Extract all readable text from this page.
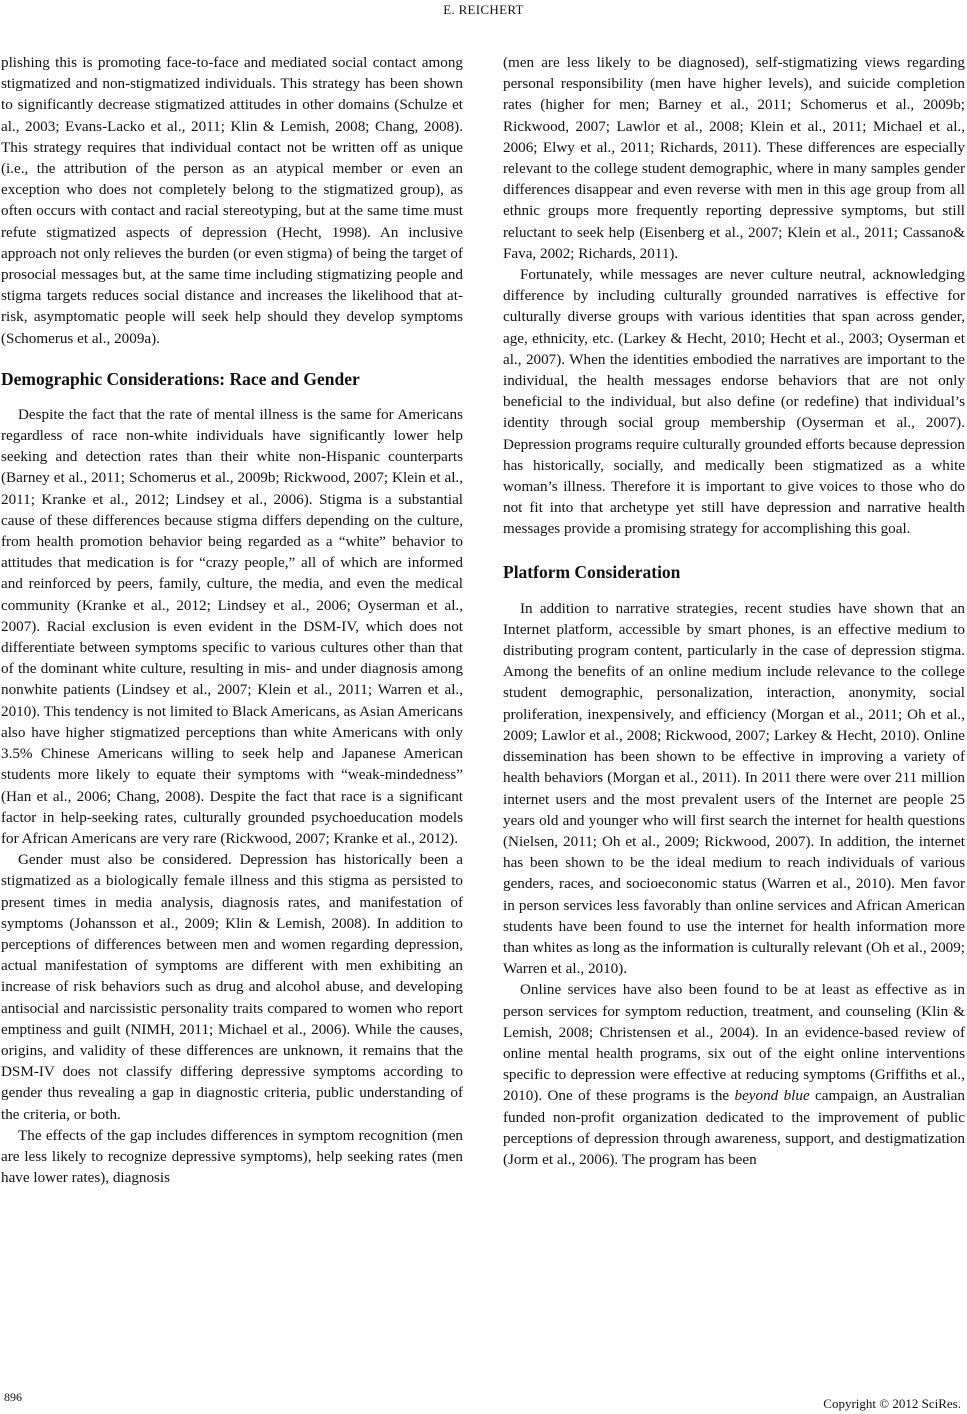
E. REICHERT

plishing this is promoting face-to-face and mediated social contact among stigmatized and non-stigmatized individuals. This strategy has been shown to significantly decrease stigmatized attitudes in other domains (Schulze et al., 2003; Evans-Lacko et al., 2011; Klin & Lemish, 2008; Chang, 2008). This strategy requires that individual contact not be written off as unique (i.e., the attribution of the person as an atypical member or even an exception who does not completely belong to the stigmatized group), as often occurs with contact and racial stereotyping, but at the same time must refute stigmatized aspects of depression (Hecht, 1998). An inclusive approach not only relieves the burden (or even stigma) of being the target of prosocial messages but, at the same time including stigmatizing people and stigma targets reduces social distance and increases the likelihood that at-risk, asymptomatic people will seek help should they develop symptoms (Schomerus et al., 2009a).

Demographic Considerations: Race and Gender

Despite the fact that the rate of mental illness is the same for Americans regardless of race non-white individuals have significantly lower help seeking and detection rates than their white non-Hispanic counterparts (Barney et al., 2011; Schomerus et al., 2009b; Rickwood, 2007; Klein et al., 2011; Kranke et al., 2012; Lindsey et al., 2006). Stigma is a substantial cause of these differences because stigma differs depending on the culture, from health promotion behavior being regarded as a “white” behavior to attitudes that medication is for “crazy people,” all of which are informed and reinforced by peers, family, culture, the media, and even the medical community (Kranke et al., 2012; Lindsey et al., 2006; Oyserman et al., 2007). Racial exclusion is even evident in the DSM-IV, which does not differentiate between symptoms specific to various cultures other than that of the dominant white culture, resulting in mis- and under diagnosis among nonwhite patients (Lindsey et al., 2007; Klein et al., 2011; Warren et al., 2010). This tendency is not limited to Black Americans, as Asian Americans also have higher stigmatized perceptions than white Americans with only 3.5% Chinese Americans willing to seek help and Japanese American students more likely to equate their symptoms with “weak-mindedness” (Han et al., 2006; Chang, 2008). Despite the fact that race is a significant factor in help-seeking rates, culturally grounded psychoeducation models for African Americans are very rare (Rickwood, 2007; Kranke et al., 2012).

Gender must also be considered. Depression has historically been a stigmatized as a biologically female illness and this stigma as persisted to present times in media analysis, diagnosis rates, and manifestation of symptoms (Johansson et al., 2009; Klin & Lemish, 2008). In addition to perceptions of differences between men and women regarding depression, actual manifestation of symptoms are different with men exhibiting an increase of risk behaviors such as drug and alcohol abuse, and developing antisocial and narcissistic personality traits compared to women who report emptiness and guilt (NIMH, 2011; Michael et al., 2006). While the causes, origins, and validity of these differences are unknown, it remains that the DSM-IV does not classify differing depressive symptoms according to gender thus revealing a gap in diagnostic criteria, public understanding of the criteria, or both.

The effects of the gap includes differences in symptom recognition (men are less likely to recognize depressive symptoms), help seeking rates (men have lower rates), diagnosis

(men are less likely to be diagnosed), self-stigmatizing views regarding personal responsibility (men have higher levels), and suicide completion rates (higher for men; Barney et al., 2011; Schomerus et al., 2009b; Rickwood, 2007; Lawlor et al., 2008; Klein et al., 2011; Michael et al., 2006; Elwy et al., 2011; Richards, 2011). These differences are especially relevant to the college student demographic, where in many samples gender differences disappear and even reverse with men in this age group from all ethnic groups more frequently reporting depressive symptoms, but still reluctant to seek help (Eisenberg et al., 2007; Klein et al., 2011; Cassano& Fava, 2002; Richards, 2011).

Fortunately, while messages are never culture neutral, acknowledging difference by including culturally grounded narratives is effective for culturally diverse groups with various identities that span across gender, age, ethnicity, etc. (Larkey & Hecht, 2010; Hecht et al., 2003; Oyserman et al., 2007). When the identities embodied the narratives are important to the individual, the health messages endorse behaviors that are not only beneficial to the individual, but also define (or redefine) that individual’s identity through social group membership (Oyserman et al., 2007). Depression programs require culturally grounded efforts because depression has historically, socially, and medically been stigmatized as a white woman’s illness. Therefore it is important to give voices to those who do not fit into that archetype yet still have depression and narrative health messages provide a promising strategy for accomplishing this goal.

Platform Consideration

In addition to narrative strategies, recent studies have shown that an Internet platform, accessible by smart phones, is an effective medium to distributing program content, particularly in the case of depression stigma. Among the benefits of an online medium include relevance to the college student demographic, personalization, interaction, anonymity, social proliferation, inexpensively, and efficiency (Morgan et al., 2011; Oh et al., 2009; Lawlor et al., 2008; Rickwood, 2007; Larkey & Hecht, 2010). Online dissemination has been shown to be effective in improving a variety of health behaviors (Morgan et al., 2011). In 2011 there were over 211 million internet users and the most prevalent users of the Internet are people 25 years old and younger who will first search the internet for health questions (Nielsen, 2011; Oh et al., 2009; Rickwood, 2007). In addition, the internet has been shown to be the ideal medium to reach individuals of various genders, races, and socioeconomic status (Warren et al., 2010). Men favor in person services less favorably than online services and African American students have been found to use the internet for health information more than whites as long as the information is culturally relevant (Oh et al., 2009; Warren et al., 2010).

Online services have also been found to be at least as effective as in person services for symptom reduction, treatment, and counseling (Klin & Lemish, 2008; Christensen et al., 2004). In an evidence-based review of online mental health programs, six out of the eight online interventions specific to depression were effective at reducing symptoms (Griffiths et al., 2010). One of these programs is the beyond blue campaign, an Australian funded non-profit organization dedicated to the improvement of public perceptions of depression through awareness, support, and destigmatization (Jorm et al., 2006). The program has been

896	Copyright © 2012 SciRes.
